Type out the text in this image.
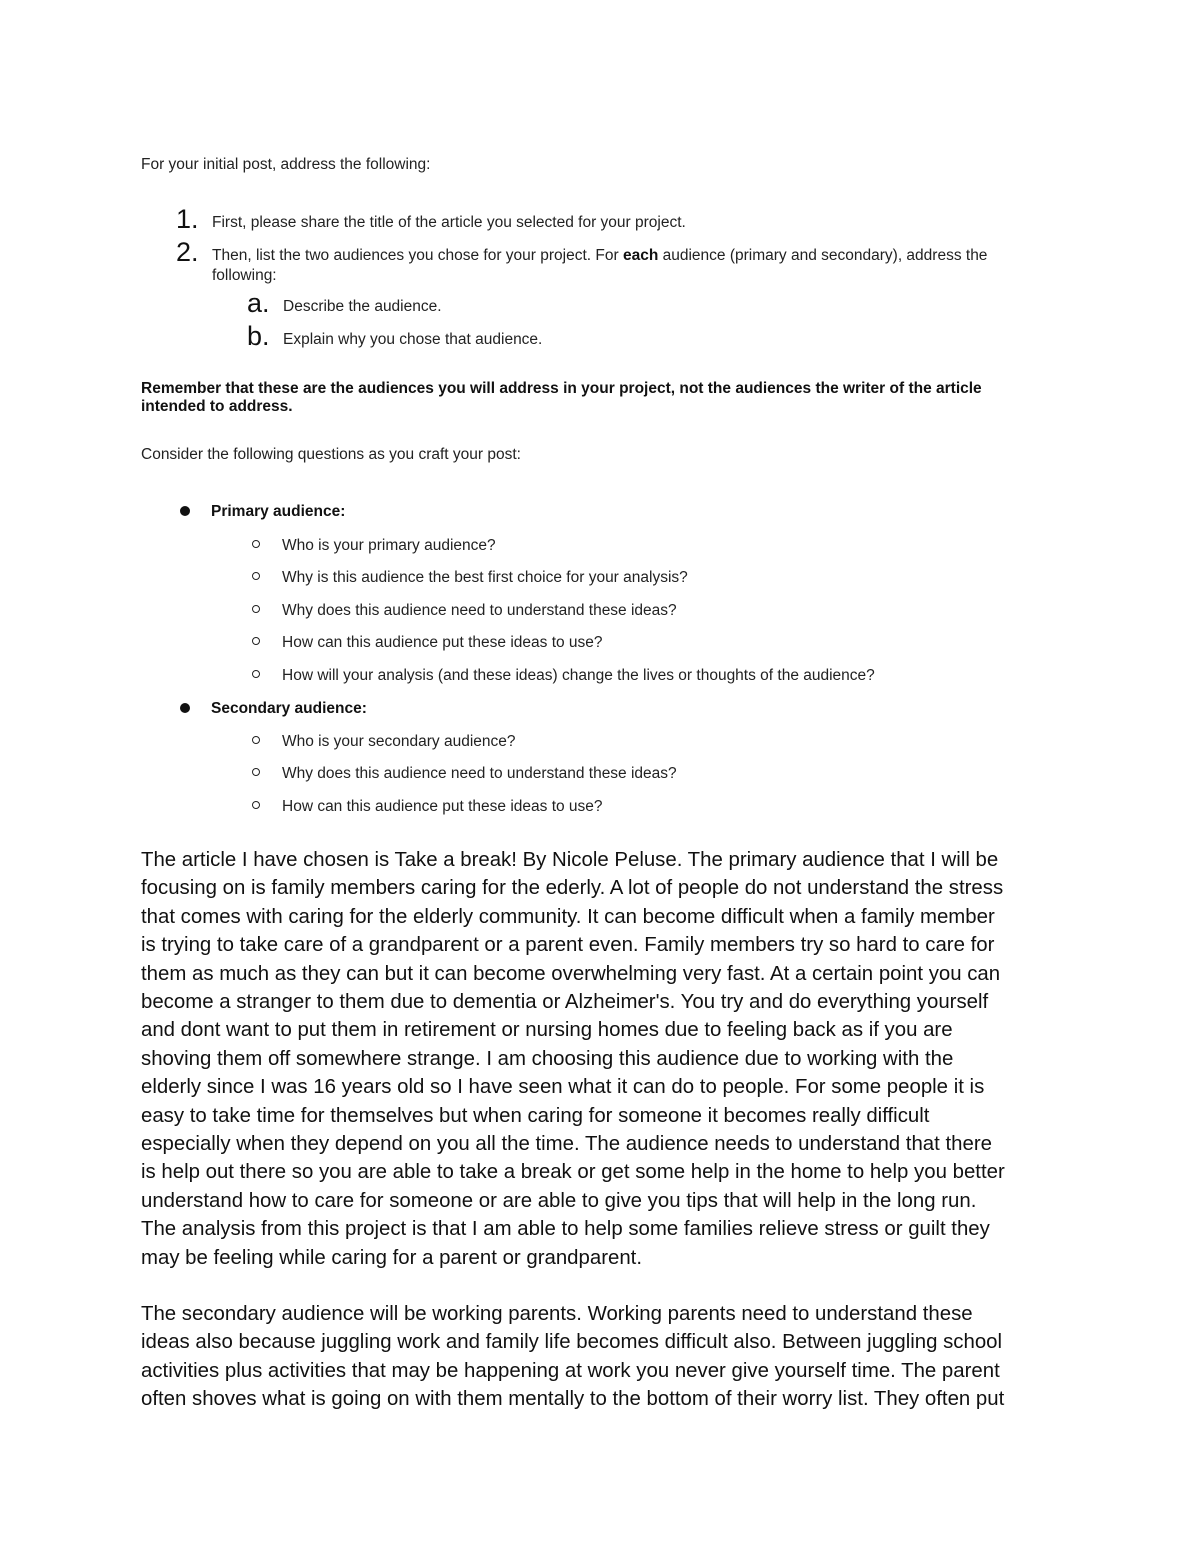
For your initial post, address the following:
1. First, please share the title of the article you selected for your project.
2. Then, list the two audiences you chose for your project. For each audience (primary and secondary), address the
following:
a. Describe the audience.
b. Explain why you chose that audience.
Remember that these are the audiences you will address in your project, not the audiences the writer of the article
intended to address.
Consider the following questions as you craft your post:
Primary audience:
Who is your primary audience?
Why is this audience the best first choice for your analysis?
Why does this audience need to understand these ideas?
How can this audience put these ideas to use?
How will your analysis (and these ideas) change the lives or thoughts of the audience?
Secondary audience:
Who is your secondary audience?
Why does this audience need to understand these ideas?
How can this audience put these ideas to use?
The article I have chosen is Take a break! By Nicole Peluse. The primary audience that I will be
focusing on is family members caring for the ederly. A lot of people do not understand the stress
that comes with caring for the elderly community. It can become difficult when a family member
is trying to take care of a grandparent or a parent even. Family members try so hard to care for
them as much as they can but it can become overwhelming very fast. At a certain point you can
become a stranger to them due to dementia or Alzheimer's. You try and do everything yourself
and dont want to put them in retirement or nursing homes due to feeling back as if you are
shoving them off somewhere strange. I am choosing this audience due to working with the
elderly since I was 16 years old so I have seen what it can do to people. For some people it is
easy to take time for themselves but when caring for someone it becomes really difficult
especially when they depend on you all the time. The audience needs to understand that there
is help out there so you are able to take a break or get some help in the home to help you better
understand how to care for someone or are able to give you tips that will help in the long run.
The analysis from this project is that I am able to help some families relieve stress or guilt they
may be feeling while caring for a parent or grandparent.
The secondary audience will be working parents. Working parents need to understand these
ideas also because juggling work and family life becomes difficult also. Between juggling school
activities plus activities that may be happening at work you never give yourself time. The parent
often shoves what is going on with them mentally to the bottom of their worry list. They often put
